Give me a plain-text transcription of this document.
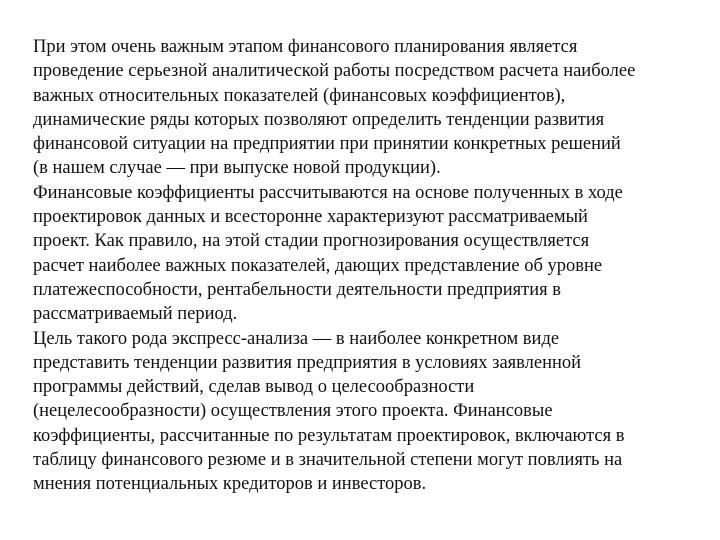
При этом очень важным этапом финансового планирования является
проведение серьезной аналитической работы посредством расчета наиболее
важных относительных показателей (финансовых коэффициентов),
динамические ряды которых позволяют определить тенденции развития
финансовой ситуации на предприятии при принятии конкретных решений
(в нашем случае — при выпуске новой продукции).
Финансовые коэффициенты рассчитываются на основе полученных в ходе
проектировок данных и всесторонне характеризуют рассматриваемый
проект. Как правило, на этой стадии прогнозирования осуществляется
расчет наиболее важных показателей, дающих представление об уровне
платежеспособности, рентабельности деятельности предприятия в
рассматриваемый период.
Цель такого рода экспресс-анализа — в наиболее конкретном виде
представить тенденции развития предприятия в условиях заявленной
программы действий, сделав вывод о целесообразности
(нецелесообразности) осуществления этого проекта. Финансовые
коэффициенты, рассчитанные по результатам проектировок, включаются в
таблицу финансового резюме и в значительной степени могут повлиять на
мнения потенциальных кредиторов и инвесторов.
